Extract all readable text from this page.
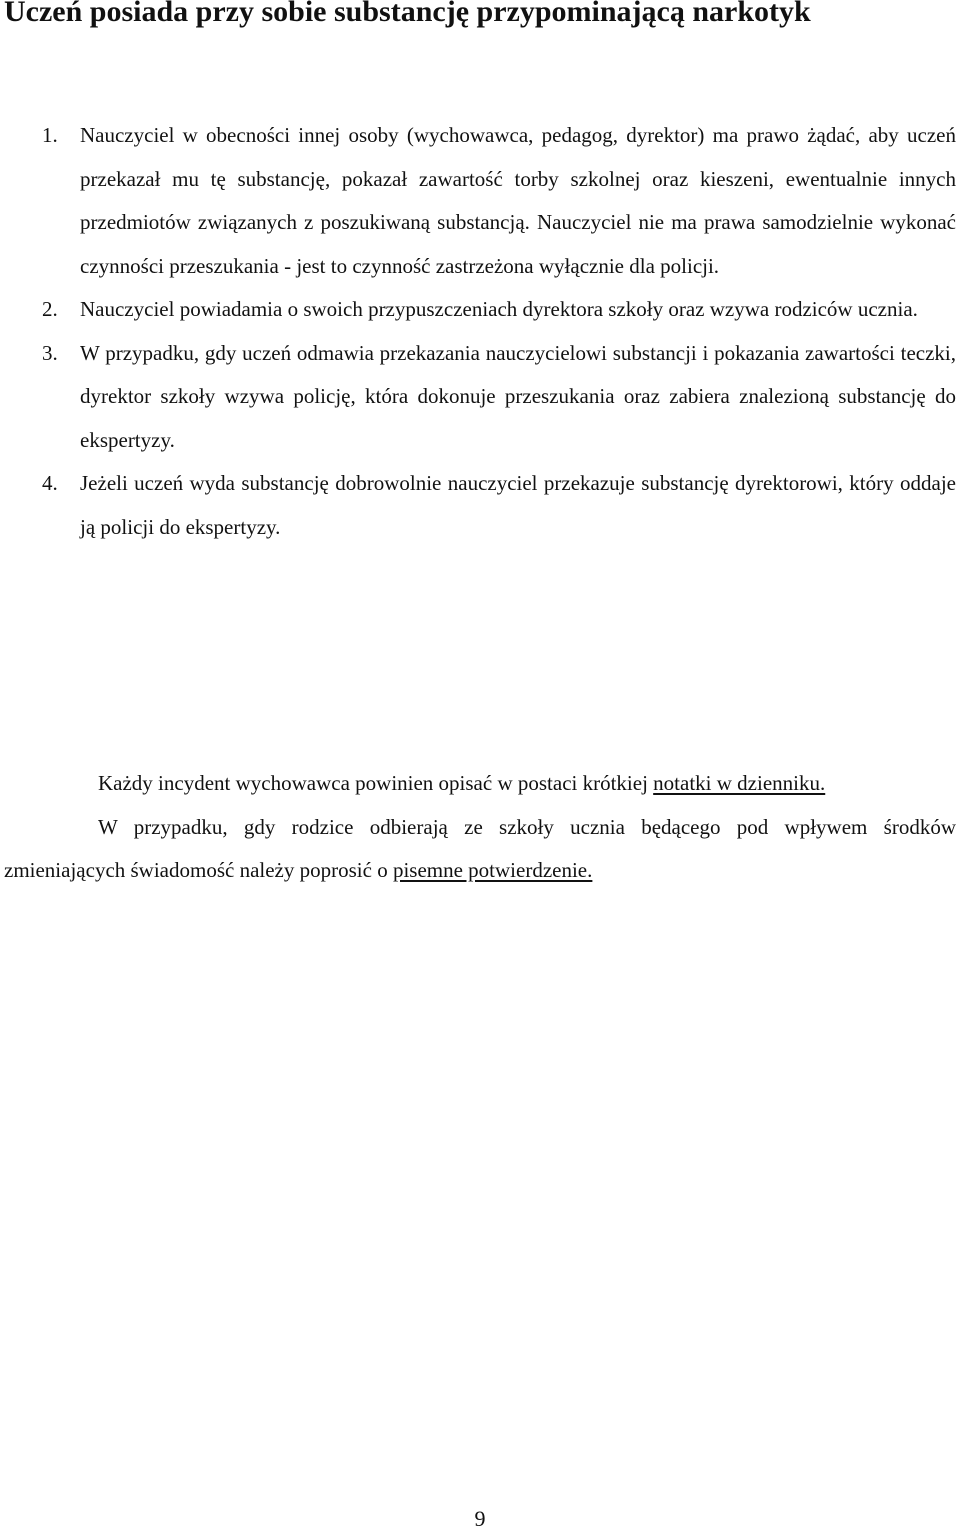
Uczeń posiada przy sobie substancję przypominającą narkotyk
1. Nauczyciel w obecności innej osoby (wychowawca, pedagog, dyrektor) ma prawo żądać, aby uczeń przekazał mu tę substancję, pokazał zawartość torby szkolnej oraz kieszeni, ewentualnie innych przedmiotów związanych z poszukiwaną substancją. Nauczyciel nie ma prawa samodzielnie wykonać czynności przeszukania - jest to czynność zastrzeżona wyłącznie dla policji.
2. Nauczyciel powiadamia o swoich przypuszczeniach dyrektora szkoły oraz wzywa rodziców ucznia.
3. W przypadku, gdy uczeń odmawia przekazania nauczycielowi substancji i pokazania zawartości teczki, dyrektor szkoły wzywa policję, która dokonuje przeszukania oraz zabiera znalezioną substancję do ekspertyzy.
4. Jeżeli uczeń wyda substancję dobrowolnie nauczyciel przekazuje substancję dyrektorowi, który oddaje ją policji do ekspertyzy.

Każdy incydent wychowawca powinien opisać w postaci krótkiej notatki w dzienniku.

W przypadku, gdy rodzice odbierają ze szkoły ucznia będącego pod wpływem środków zmieniających świadomość należy poprosić o pisemne potwierdzenie.

9
